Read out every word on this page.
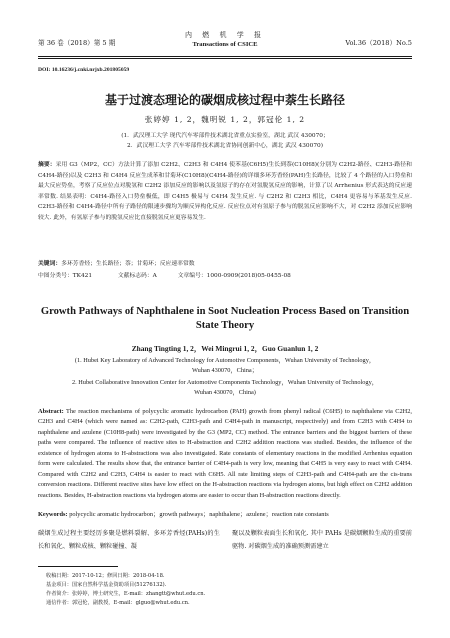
第 36 卷（2018）第 5 期
内 燃 机 学 报
Transactions of CSICE	Vol.36（2018）No.5
DOI: 10.16236/j.cnki.nrjxb.201805059
基于过渡态理论的碳烟成核过程中萘生长路径
张婷婷 1, 2，魏明锐 1, 2，郭冠伦 1, 2
(1．武汉理工大学 现代汽车零部件技术湖北省重点实验室，湖北 武汉 430070；
2．武汉理工大学 汽车零部件技术湖北省协同创新中心，湖北 武汉 430070)
摘要：采用 G3（MP2，CC）方法计算了添加 C2H2、C2H3 和 C4H4 使苯基(C6H5)生长到萘(C10H8)(分别为 C2H2-路径、C2H3-路径和 C4H4-路径)以及 C2H3 和 C4H4 反应生成苯和甘菊环(C10H8)(C4H4-路径)的详细多环芳香烃(PAH)生长路径，比较了 4 个路径的入口势垒和最大反应势垒，考察了反应位点对脱氢和 C2H2 添加反应的影响以及氢原子的存在对氢脱氢反应的影响，计算了以 Arrhenius 形式表达的反应速率常数. 结果表明：C4H4-路径入口势垒极低，即 C4H5 极易与 C4H4 发生反应. 与 C2H2 和 C2H3 相比，C4H4 更容易与苯基发生反应. C2H3-路径和 C4H4-路径中所有子路径的限速步骤均为顺反异构化反应. 反应位点对有氢原子参与的脱氢反应影响不大，对 C2H2 添加反应影响较大. 此外，有氢原子参与的脱氢反应比直接脱氢反应更容易发生.
关键词：多环芳香烃；生长路径；萘；甘菊环；反应速率常数
中图分类号：TK421	文献标志码：A	文章编号：1000-0909(2018)05-0455-08
Growth Pathways of Naphthalene in Soot Nucleation Process Based on Transition State Theory
Zhang Tingting 1, 2，Wei Mingrui 1, 2，Guo Guanlun 1, 2
(1. Hubei Key Laboratory of Advanced Technology for Automotive Components，Wuhan University of Technology，Wuhan 430070，China；
2. Hubei Collaborative Innovation Center for Automotive Components Technology，Wuhan University of Technology，Wuhan 430070，China)
Abstract: The reaction mechanisms of polycyclic aromatic hydrocarbon (PAH) growth from phenyl radical (C6H5) to naphthalene via C2H2, C2H3 and C4H4 (which were named as: C2H2-path, C2H3-path and C4H4-path in manuscript, respectively) and from C2H3 with C4H4 to naphthalene and azulene (C10H8-path) were investigated by the G3 (MP2, CC) method. The entrance barriers and the biggest barriers of these paths were compared. The influence of reactive sites to H-abstraction and C2H2 addition reactions was studied. Besides, the influence of the existence of hydrogen atoms to H-abstractions was also investigated. Rate constants of elementary reactions in the modified Arrhenius equation form were calculated. The results show that, the entrance barrier of C4H4-path is very low, meaning that C4H5 is very easy to react with C4H4. Compared with C2H2 and C2H3, C4H4 is easier to react with C6H5. All rate limiting steps of C2H3-path and C4H4-path are the cis-trans conversion reactions. Different reactive sites have low effect on the H-abstraction reactions via hydrogen atoms, but high effect on C2H2 addition reactions. Besides, H-abstraction reactions via hydrogen atoms are easier to occur than H-abstraction reactions directly.
Keywords: polycyclic aromatic hydrocarbon；growth pathways；naphthalene；azulene；reaction rate constants
碳烟生成过程主要经历多聚是燃料裂解、多环芳香烃(PAHs)的生长和氧化、颗粒成核、颗粒碰撞、凝
聚以及颗粒表面生长和氧化. 其中 PAHs 是碳烟颗粒生成的重要前驱物. 对碳烟生成的准确预测需建立
收稿日期：2017-10-12；修回日期：2018-04-18.
基金项目：国家自然科学基金资助项目(51276132).
作者简介：张婷婷，博士研究生，E-mail：zhangtt@whut.edu.cn.
通信作者：郭冠伦，副教授，E-mail：glguo@whut.edu.cn.
